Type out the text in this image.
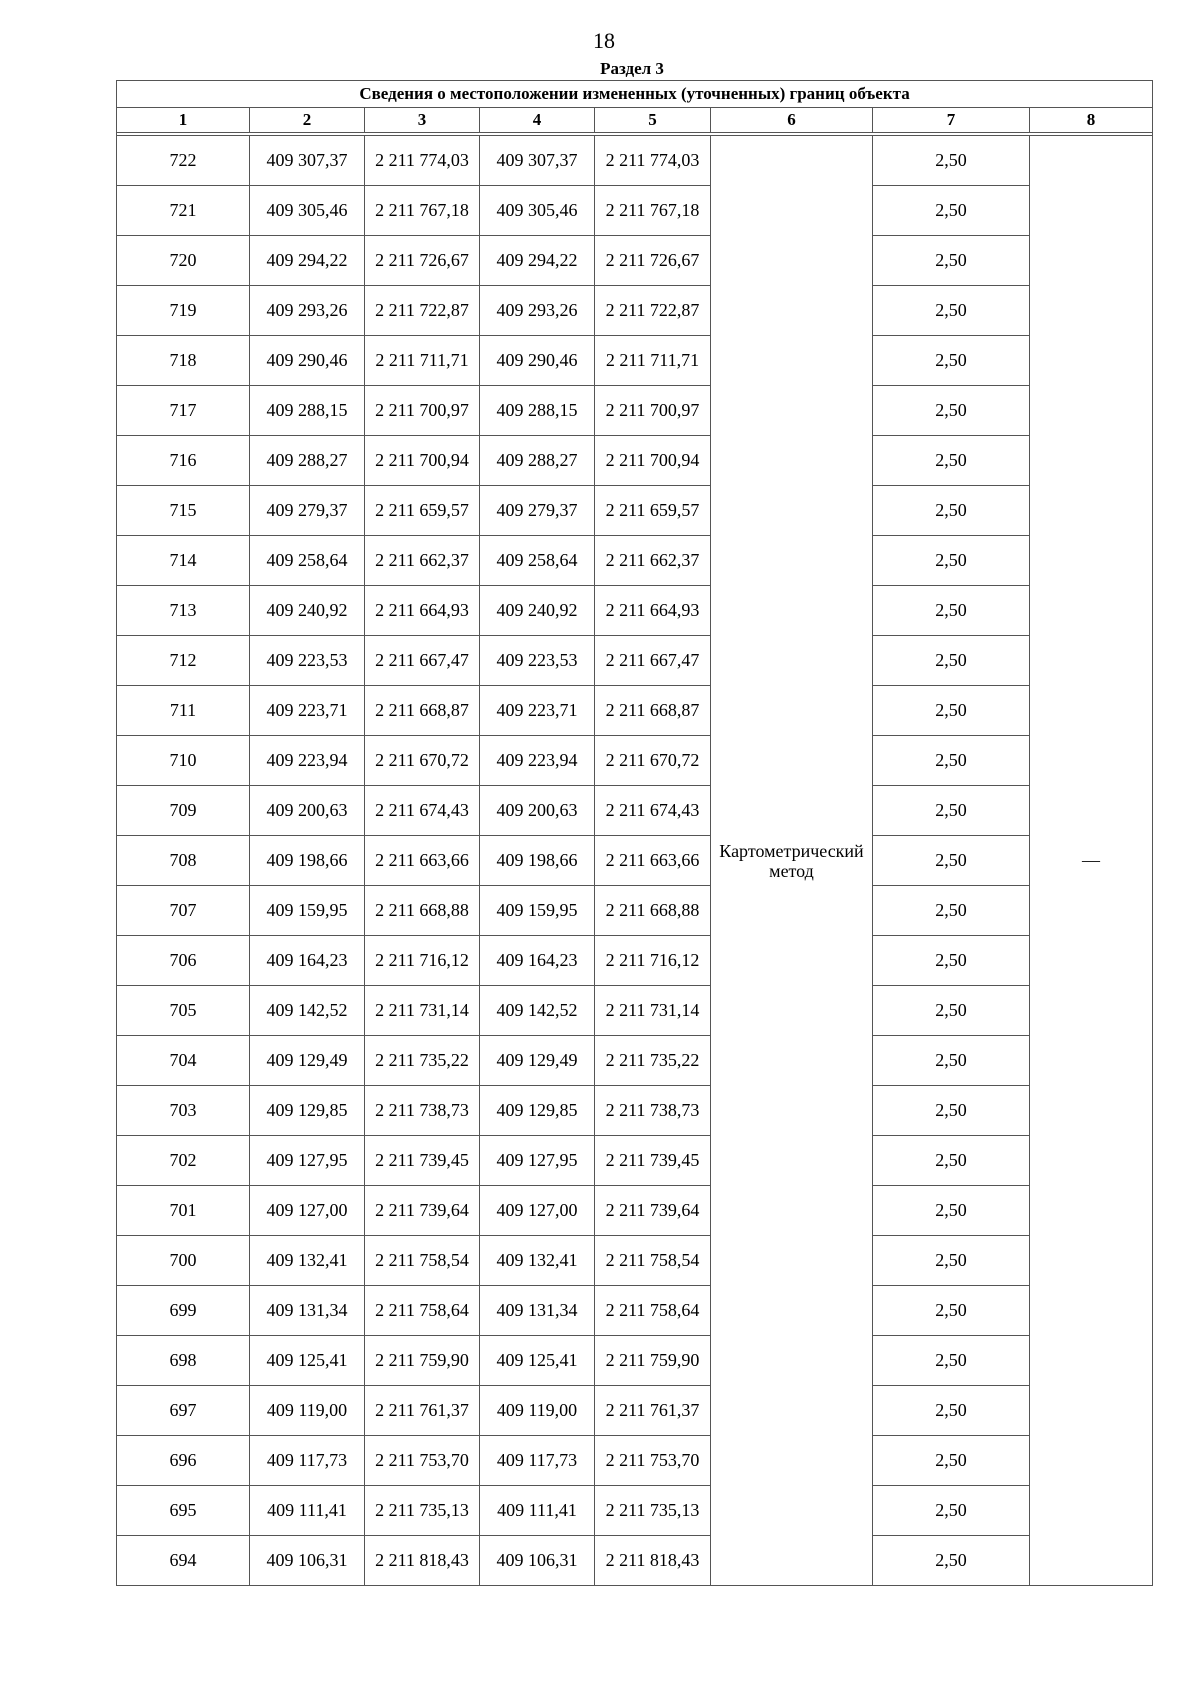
18
Раздел 3
Сведения о местоположении измененных (уточненных) границ объекта							
1	2	3	4	5	6	7	8

722	409 307,37	2 211 774,03	409 307,37	2 211 774,03	Картометрический метод	2,50	—
721	409 305,46	2 211 767,18	409 305,46	2 211 767,18		2,50	
720	409 294,22	2 211 726,67	409 294,22	2 211 726,67		2,50	
719	409 293,26	2 211 722,87	409 293,26	2 211 722,87		2,50	
718	409 290,46	2 211 711,71	409 290,46	2 211 711,71		2,50	
717	409 288,15	2 211 700,97	409 288,15	2 211 700,97		2,50	
716	409 288,27	2 211 700,94	409 288,27	2 211 700,94		2,50	
715	409 279,37	2 211 659,57	409 279,37	2 211 659,57		2,50	
714	409 258,64	2 211 662,37	409 258,64	2 211 662,37		2,50	
713	409 240,92	2 211 664,93	409 240,92	2 211 664,93		2,50	
712	409 223,53	2 211 667,47	409 223,53	2 211 667,47		2,50	
711	409 223,71	2 211 668,87	409 223,71	2 211 668,87		2,50	
710	409 223,94	2 211 670,72	409 223,94	2 211 670,72		2,50	
709	409 200,63	2 211 674,43	409 200,63	2 211 674,43		2,50	
708	409 198,66	2 211 663,66	409 198,66	2 211 663,66		2,50	
707	409 159,95	2 211 668,88	409 159,95	2 211 668,88		2,50	
706	409 164,23	2 211 716,12	409 164,23	2 211 716,12		2,50	
705	409 142,52	2 211 731,14	409 142,52	2 211 731,14		2,50	
704	409 129,49	2 211 735,22	409 129,49	2 211 735,22		2,50	
703	409 129,85	2 211 738,73	409 129,85	2 211 738,73		2,50	
702	409 127,95	2 211 739,45	409 127,95	2 211 739,45		2,50	
701	409 127,00	2 211 739,64	409 127,00	2 211 739,64		2,50	
700	409 132,41	2 211 758,54	409 132,41	2 211 758,54		2,50	
699	409 131,34	2 211 758,64	409 131,34	2 211 758,64		2,50	
698	409 125,41	2 211 759,90	409 125,41	2 211 759,90		2,50	
697	409 119,00	2 211 761,37	409 119,00	2 211 761,37		2,50	
696	409 117,73	2 211 753,70	409 117,73	2 211 753,70		2,50	
695	409 111,41	2 211 735,13	409 111,41	2 211 735,13		2,50	
694	409 106,31	2 211 818,43	409 106,31	2 211 818,43		2,50	
